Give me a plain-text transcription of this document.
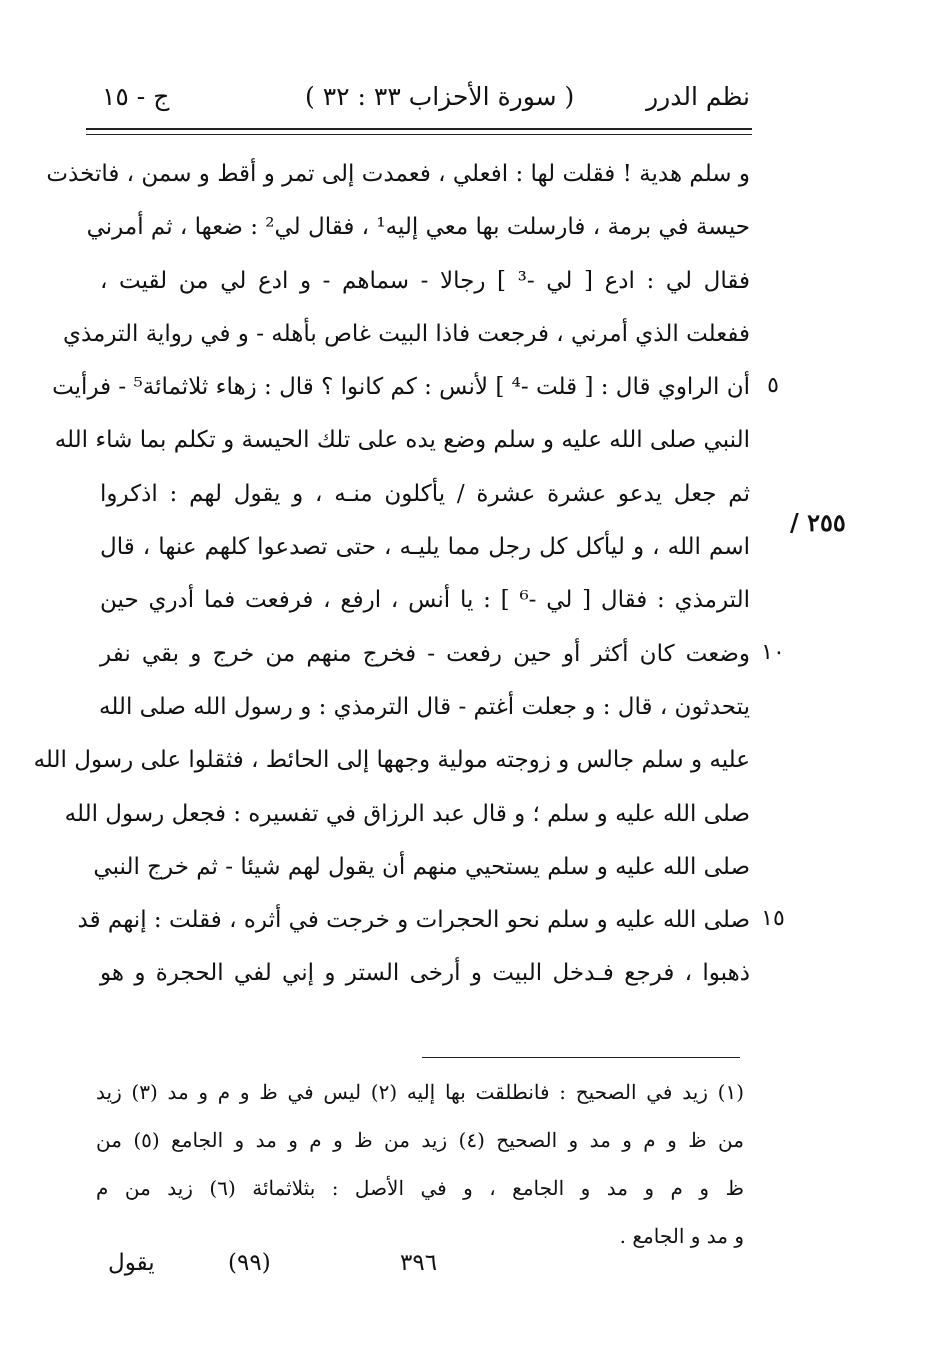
نظم الدرر
( سورة الأحزاب ٣٣ : ٣٢ )
ج - ١٥
٢٥٥ /
و سلم هدية ! فقلت لها : افعلي ، فعمدت إلى تمر و أقط و سمن ، فاتخذت
حيسة في برمة ، فارسلت بها معي إليه¹ ، فقال لي² : ضعها ، ثم أمرني
فقال لي : ادع [ لي -³ ] رجالا - سماهم - و ادع لي من لقيت ،
ففعلت الذي أمرني ، فرجعت فاذا البيت غاص بأهله - و في رواية الترمذي
أن الراوي قال : [ قلت -⁴ ] لأنس : كم كانوا ؟ قال : زهاء ثلاثمائة⁵ - فرأيت
النبي صلى الله عليه و سلم وضع يده على تلك الحيسة و تكلم بما شاء الله
ثم جعل يدعو عشرة عشرة / يأكلون منـه ، و يقول لهم : اذكروا
اسم الله ، و ليأكل كل رجل مما يليـه ، حتى تصدعوا كلهم عنها ، قال
الترمذي : فقال [ لي -⁶ ] : يا أنس ، ارفع ، فرفعت فما أدري حين
وضعت كان أكثر أو حين رفعت - فخرج منهم من خرج و بقي نفر
يتحدثون ، قال : و جعلت أغتم - قال الترمذي : و رسول الله صلى الله
عليه و سلم جالس و زوجته مولية وجهها إلى الحائط ، فثقلوا على رسول الله
صلى الله عليه و سلم ؛ و قال عبد الرزاق في تفسيره : فجعل رسول الله
صلى الله عليه و سلم يستحيي منهم أن يقول لهم شيئا - ثم خرج النبي
صلى الله عليه و سلم نحو الحجرات و خرجت في أثره ، فقلت : إنهم قد
ذهبوا ، فرجع فـدخل البيت و أرخى الستر و إني لفي الحجرة و هو
٥
١٠
١٥
(١) زيد في الصحيح : فانطلقت بها إليه (٢) ليس في ظ و م و مد (٣) زيد
من ظ و م و مد و الصحيح (٤) زيد من ظ و م و مد و الجامع (٥) من
ظ و م و مد و الجامع ، و في الأصل : بثلاثمائة (٦) زيد من م
و مد و الجامع .
يقول	(٩٩)	٣٩٦
